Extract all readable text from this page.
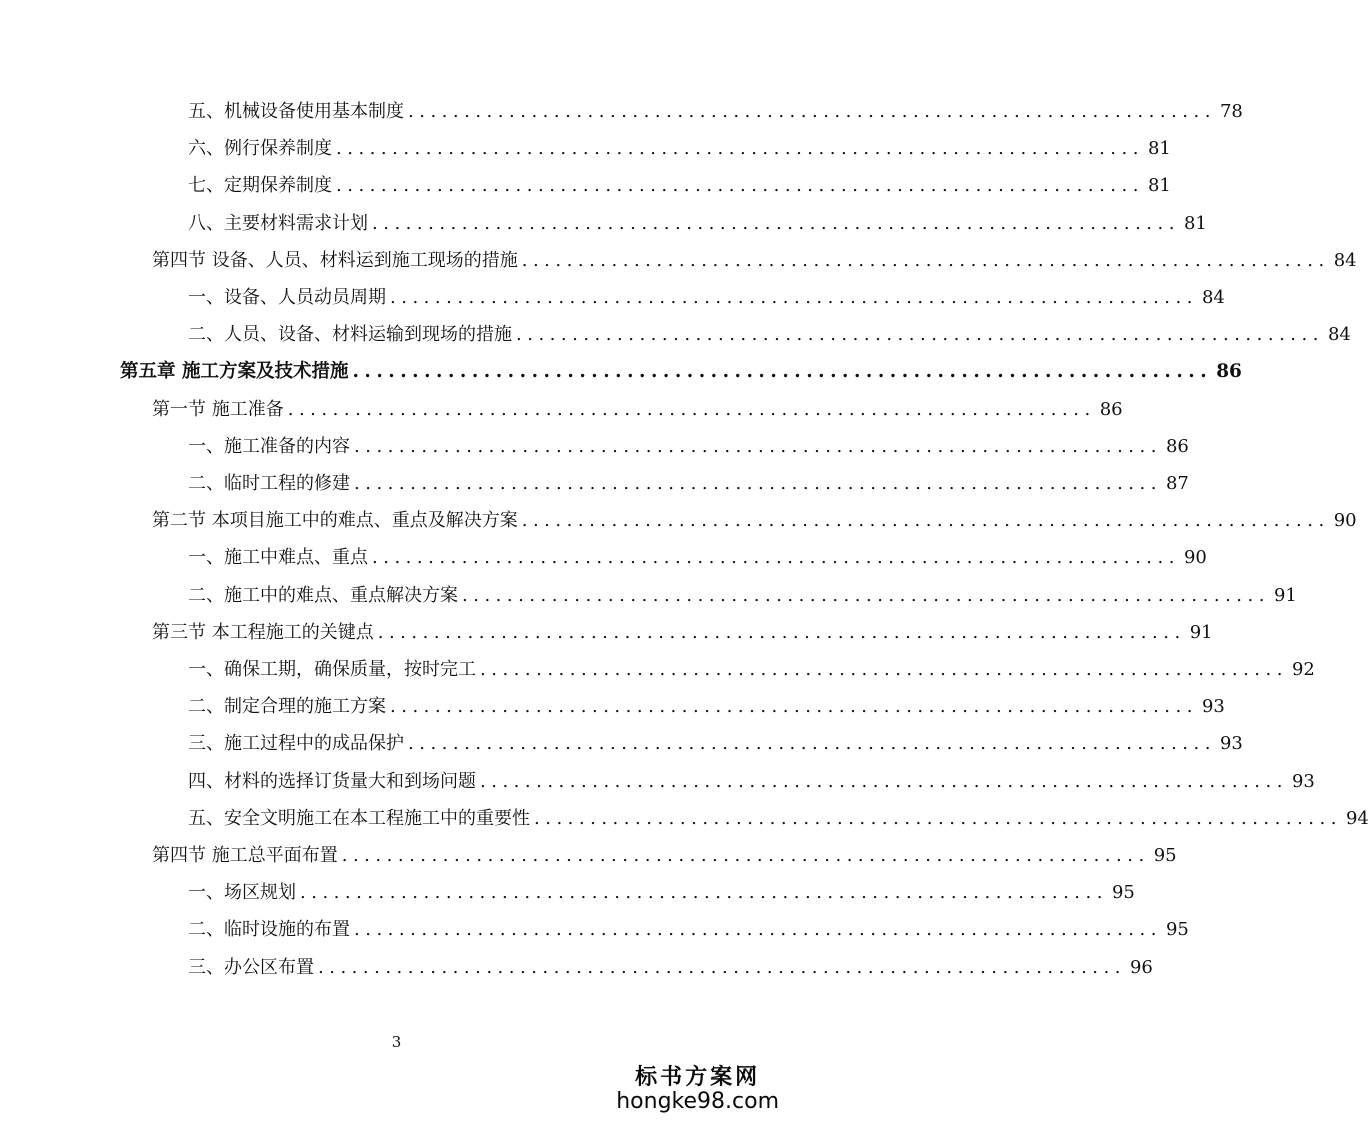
五、机械设备使用基本制度 ........................................................................ 78
六、例行保养制度 ........................................................................ 81
七、定期保养制度 ........................................................................ 81
八、主要材料需求计划 ........................................................................ 81
第四节 设备、人员、材料运到施工现场的措施 ........................................................................ 84
一、设备、人员动员周期 ........................................................................ 84
二、人员、设备、材料运输到现场的措施 ........................................................................ 84
第五章 施工方案及技术措施 ........................................................................ 86
第一节 施工准备 ........................................................................ 86
一、施工准备的内容 ........................................................................ 86
二、临时工程的修建 ........................................................................ 87
第二节 本项目施工中的难点、重点及解决方案 ........................................................................ 90
一、施工中难点、重点 ........................................................................ 90
二、施工中的难点、重点解决方案 ........................................................................ 91
第三节 本工程施工的关键点 ........................................................................ 91
一、确保工期，确保质量，按时完工 ........................................................................ 92
二、制定合理的施工方案 ........................................................................ 93
三、施工过程中的成品保护 ........................................................................ 93
四、材料的选择订货量大和到场问题 ........................................................................ 93
五、安全文明施工在本工程施工中的重要性 ........................................................................ 94
第四节 施工总平面布置 ........................................................................ 95
一、场区规划 ........................................................................ 95
二、临时设施的布置 ........................................................................ 95
三、办公区布置 ........................................................................ 96
3
标书方案网
hongke98.com
